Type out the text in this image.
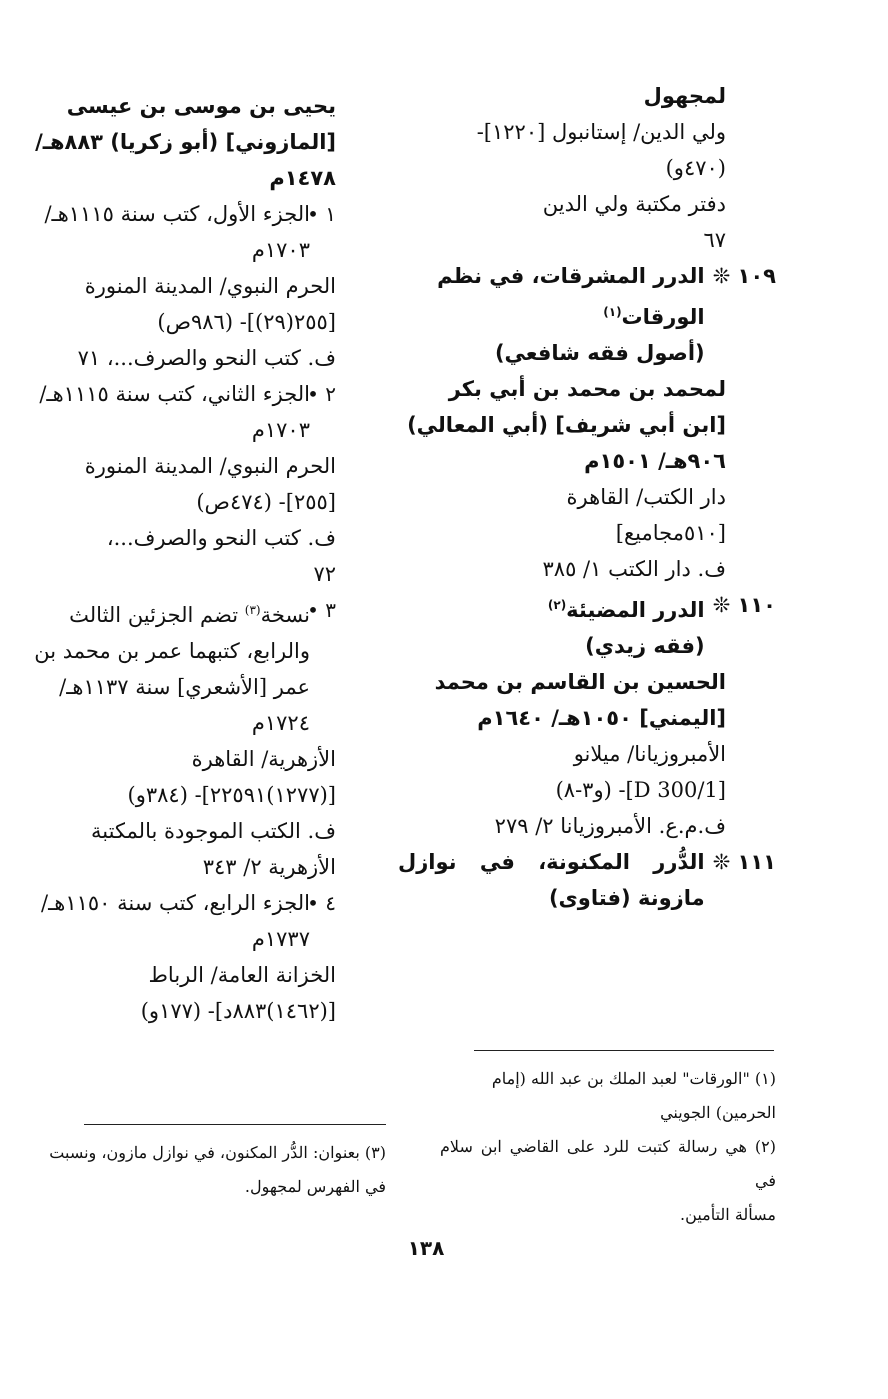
لمجهول
ولي الدين/ إستانبول [١٢٢٠]-
(٤٧٠و)
دفتر مكتبة ولي الدين
٦٧
١٠٩ ❊
الدرر المشرقات، في نظم
الورقات$^{(١)}$
(أصول فقه شافعي)
لمحمد بن محمد بن أبي بكر
[ابن أبي شريف] (أبي المعالي)
٩٠٦هـ/ ١٥٠١م
دار الكتب/ القاهرة
[٥١٠مجاميع]
ف. دار الكتب ١/ ٣٨٥
١١٠ ❊
الدرر المضيئة$^{(٢)}$
(فقه زيدي)
الحسين بن القاسم بن محمد
[اليمني] ١٠٥٠هـ/ ١٦٤٠م
الأمبروزيانا/ ميلانو
[D 300/1]- (و٣-٨)
ف.م.ع. الأمبروزيانا ٢/ ٢٧٩
١١١ ❊
الدُّرر المكنونة، في نوازل مازونة (فتاوى)
يحيى بن موسى بن عيسى
[المازوني] (أبو زكريا) ٨٨٣هـ/
١٤٧٨م
١ •
الجزء الأول، كتب سنة ١١١٥هـ/
١٧٠٣م
الحرم النبوي/ المدينة المنورة
[٢٥٥(٢٩)]- (٩٨٦ص)
ف. كتب النحو والصرف...، ٧١
٢ •
الجزء الثاني، كتب سنة ١١١٥هـ/
١٧٠٣م
الحرم النبوي/ المدينة المنورة
[٢٥٥]- (٤٧٤ص)
ف. كتب النحو والصرف...،
٧٢
٣ •
نسخة$^{(٣)}$ تضم الجزئين الثالث
والرابع، كتبهما عمر بن محمد بن
عمر [الأشعري] سنة ١١٣٧هـ/
١٧٢٤م
الأزهرية/ القاهرة
[(١٢٧٧)٢٢٥٩١]- (٣٨٤و)
ف. الكتب الموجودة بالمكتبة
الأزهرية ٢/ ٣٤٣
٤ •
الجزء الرابع، كتب سنة ١١٥٠هـ/
١٧٣٧م
الخزانة العامة/ الرباط
[(١٤٦٢)٨٨٣د]- (١٧٧و)
(١) "الورقات" لعبد الملك بن عبد الله (إمام
الحرمين) الجويني
(٢) هي رسالة كتبت للرد على القاضي ابن سلام في
مسألة التأمين.
(٣) بعنوان: الدُّر المكنون، في نوازل مازون، ونسبت
في الفهرس لمجهول.
١٣٨
